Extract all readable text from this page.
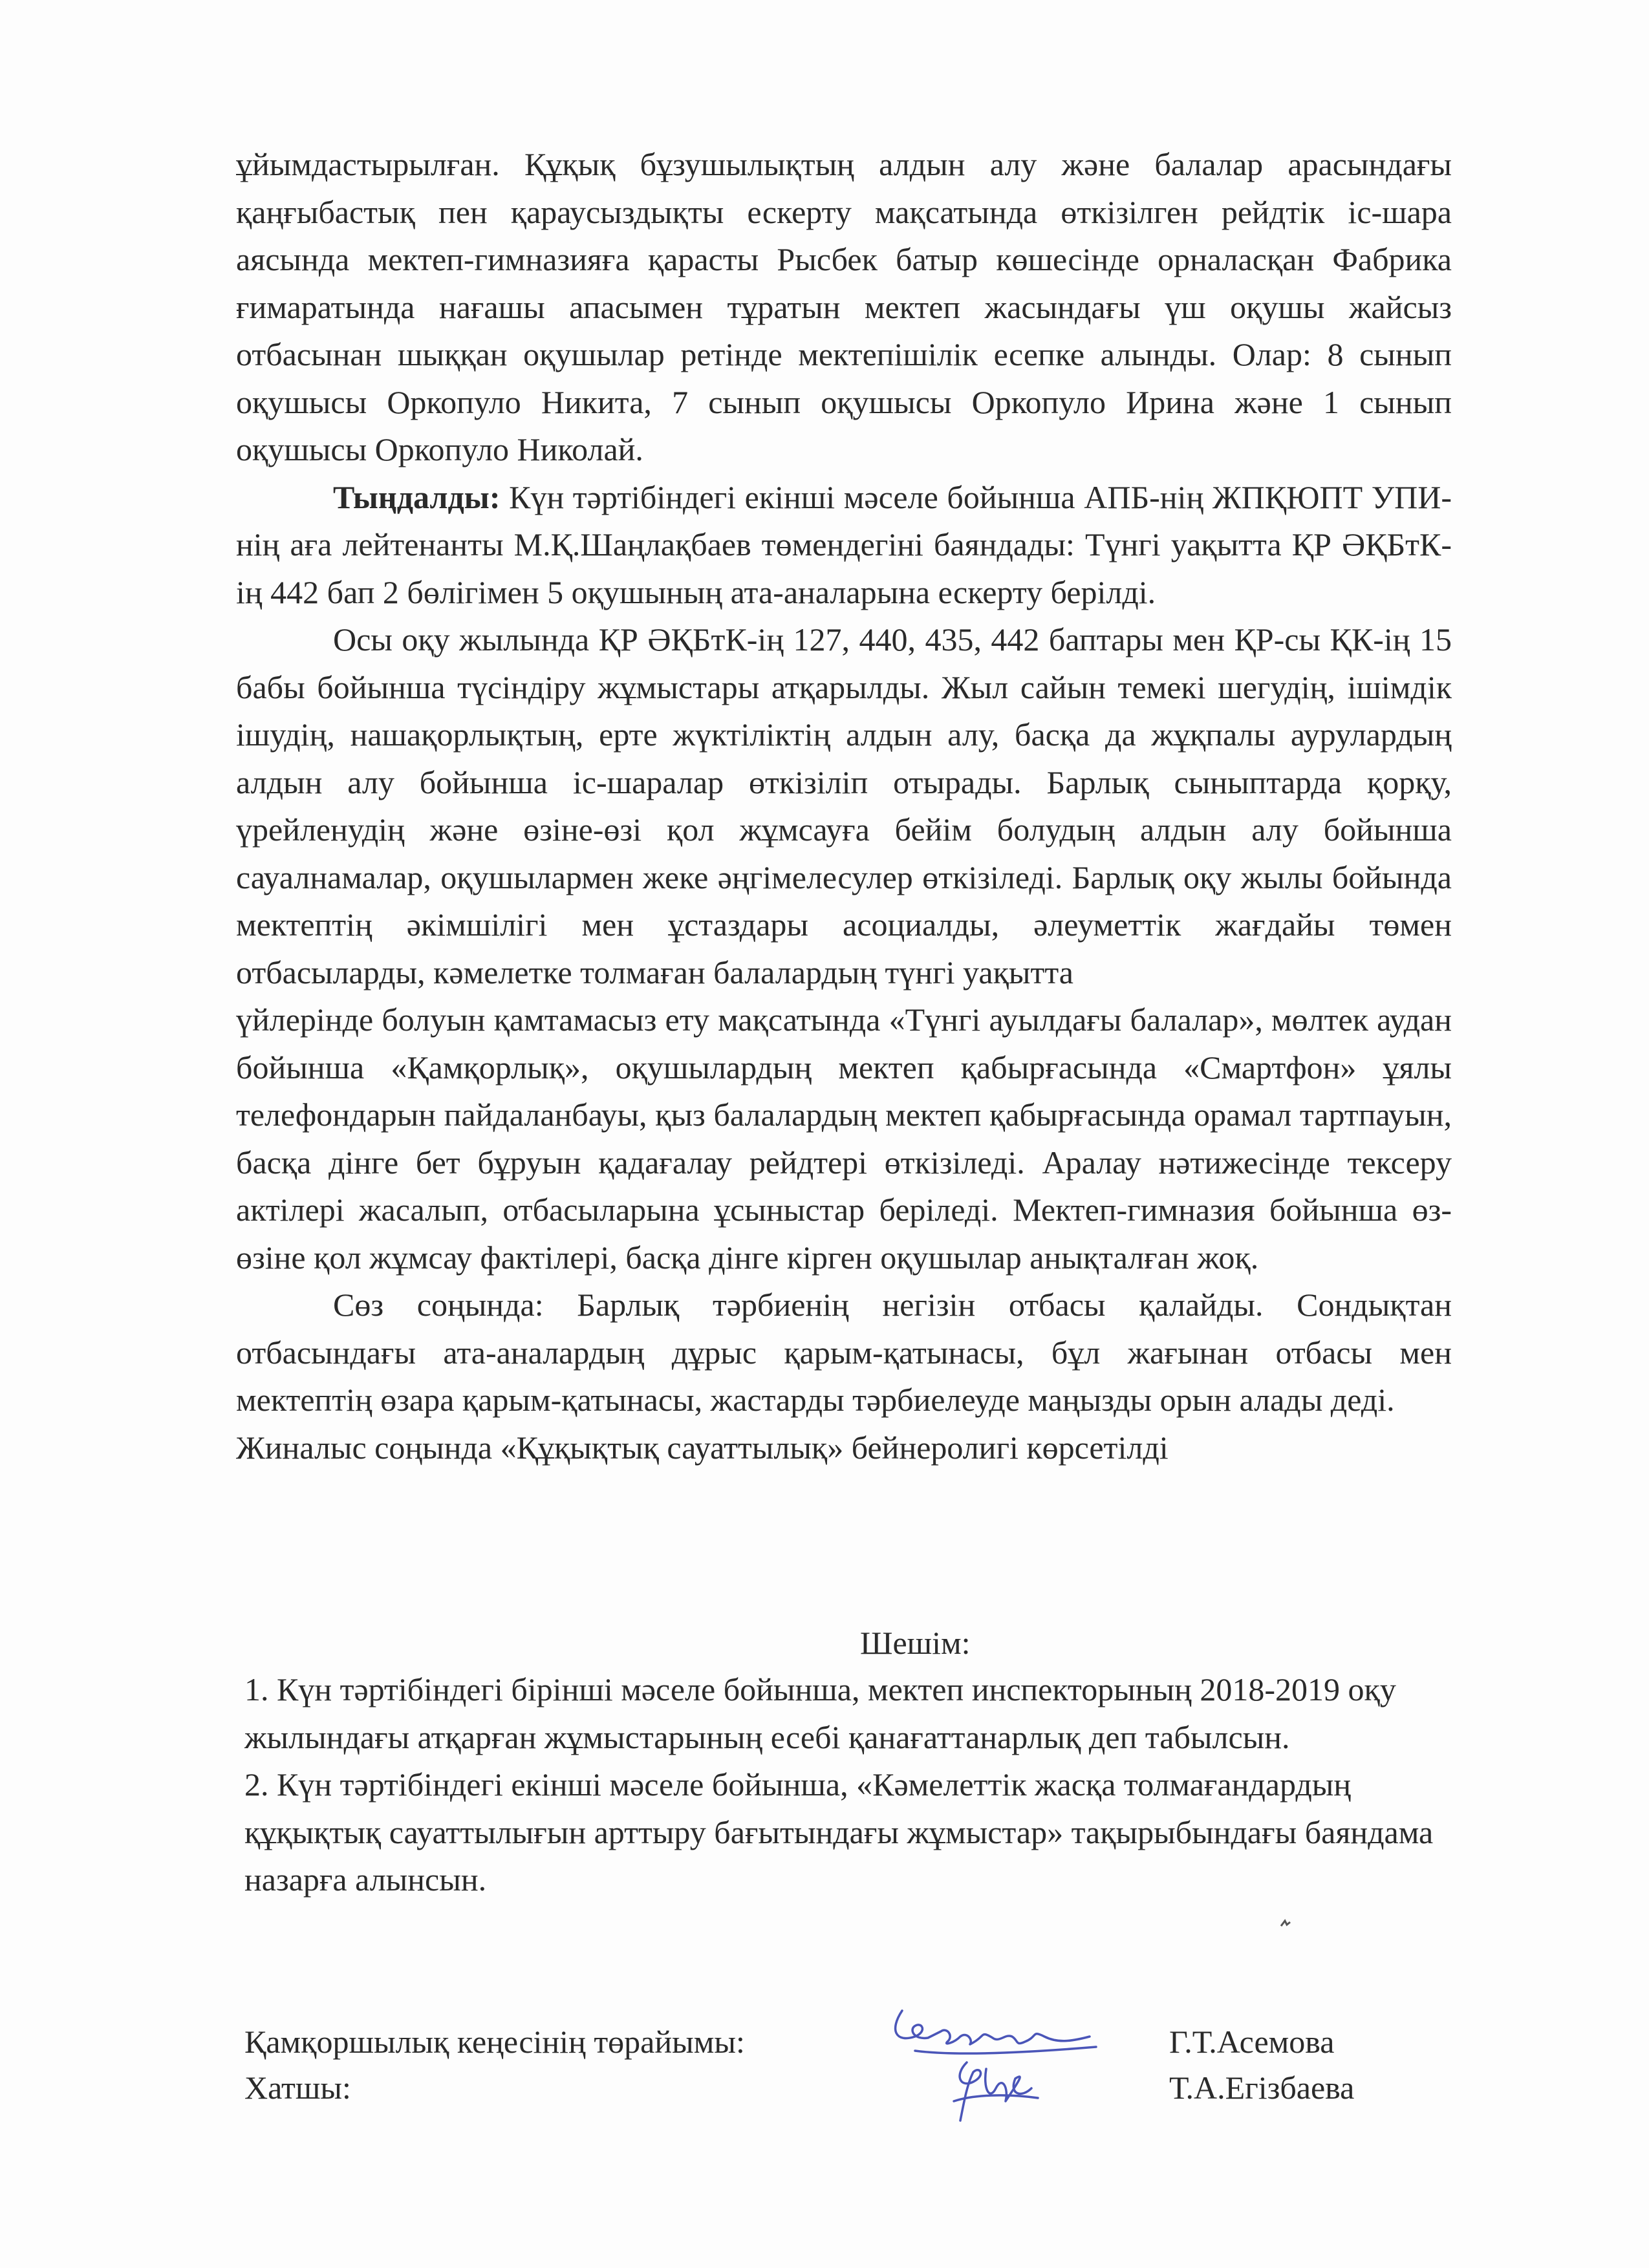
ұйымдастырылған. Құқық бұзушылықтың алдын алу және балалар арасындағы қаңғыбастық пен қараусыздықты ескерту мақсатында өткізілген рейдтік іс-шара аясында мектеп-гимназияға қарасты Рысбек батыр көшесінде орналасқан Фабрика ғимаратында нағашы апасымен тұратын мектеп жасындағы үш оқушы жайсыз отбасынан шыққан оқушылар ретінде мектепішілік есепке алынды. Олар: 8 сынып оқушысы Оркопуло Никита, 7 сынып оқушысы Оркопуло Ирина және 1 сынып оқушысы Оркопуло Николай.

Тыңдалды: Күн тәртібіндегі екінші мәселе бойынша АПБ-нің ЖПҚЮПТ УПИ-нің аға лейтенанты М.Қ.Шаңлақбаев төмендегіні баяндады: Түнгі уақытта ҚР ӘҚБтК-ің 442 бап 2 бөлігімен 5 оқушының ата-аналарына ескерту берілді.

Осы оқу жылында ҚР ӘҚБтК-ің 127, 440, 435, 442 баптары мен ҚР-сы ҚК-ің 15 бабы бойынша түсіндіру жұмыстары атқарылды. Жыл сайын темекі шегудің, ішімдік ішудің, нашақорлықтың, ерте жүктіліктің алдын алу, басқа да жұқпалы аурулардың алдын алу бойынша іс-шаралар өткізіліп отырады. Барлық сыныптарда қорқу, үрейленудің және өзіне-өзі қол жұмсауға бейім болудың алдын алу бойынша сауалнамалар, оқушылармен жеке әңгімелесулер өткізіледі. Барлық оқу жылы бойында мектептің әкімшілігі мен ұстаздары асоциалды, әлеуметтік жағдайы төмен отбасыларды, кәмелетке толмаған балалардың түнгі уақытта

үйлерінде болуын қамтамасыз ету мақсатында «Түнгі ауылдағы балалар», мөлтек аудан бойынша «Қамқорлық», оқушылардың мектеп қабырғасында «Смартфон» ұялы телефондарын пайдаланбауы, қыз балалардың мектеп қабырғасында орамал тартпауын, басқа дінге бет бұруын қадағалау рейдтері өткізіледі. Аралау нәтижесінде тексеру актілері жасалып, отбасыларына ұсыныстар беріледі. Мектеп-гимназия бойынша өз-өзіне қол жұмсау фактілері, басқа дінге кірген оқушылар анықталған жоқ.

Сөз соңында: Барлық тәрбиенің негізін отбасы қалайды. Сондықтан отбасындағы ата-аналардың дұрыс қарым-қатынасы, бұл жағынан отбасы мен мектептің өзара қарым-қатынасы, жастарды тәрбиелеуде маңызды орын алады деді.

Жиналыс соңында «Құқықтық сауаттылық» бейнеролигі көрсетілді

Шешім:

1. Күн тәртібіндегі бірінші мәселе бойынша, мектеп инспекторының 2018-2019 оқу жылындағы атқарған жұмыстарының есебі қанағаттанарлық деп табылсын.

2. Күн тәртібіндегі екінші мәселе бойынша, «Кәмелеттік жасқа толмағандардың құқықтық сауаттылығын арттыру бағытындағы жұмыстар» тақырыбындағы баяндама назарға алынсын.

Қамқоршылық кеңесінің төрайымы:	Г.Т.Асемова
Хатшы:	Т.А.Егізбаева
